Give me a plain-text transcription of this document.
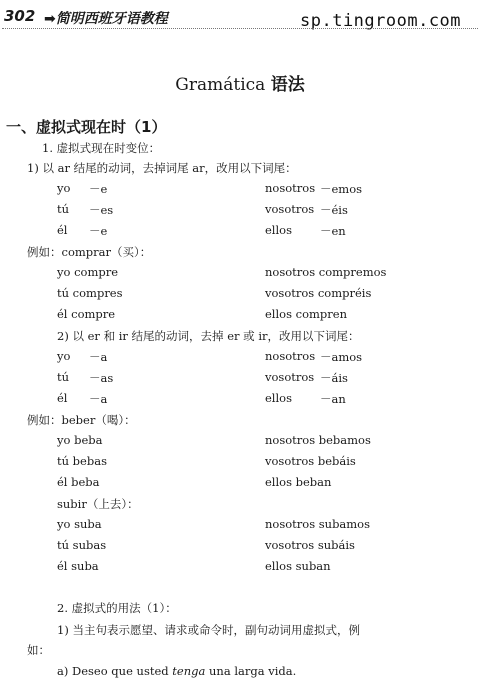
302 ➡简明西班牙语教程	sp.tingroom.com
Gramática 语法
一、虚拟式现在时（1）
1. 虚拟式现在时变位：
1) 以 ar 结尾的动词，去掉词尾 ar，改用以下词尾：
yo －e	nosotros －emos
tú －es	vosotros －éis
él －e	ellos －en
例如：comprar（买）：
yo compre	nosotros compremos
tú compres	vosotros compréis
él compre	ellos compren
2) 以 er 和 ir 结尾的动词，去掉 er 或 ir，改用以下词尾：
yo －a	nosotros －amos
tú －as	vosotros －áis
él －a	ellos －an
例如：beber（喝）：
yo beba	nosotros bebamos
tú bebas	vosotros bebáis
él beba	ellos beban
subir（上去）：
yo suba	nosotros subamos
tú subas	vosotros subáis
él suba	ellos suban
2. 虚拟式的用法（1）：
1) 当主句表示愿望、请求或命令时，副句动词用虚拟式，例
如：
a) Deseo que usted tenga una larga vida.
